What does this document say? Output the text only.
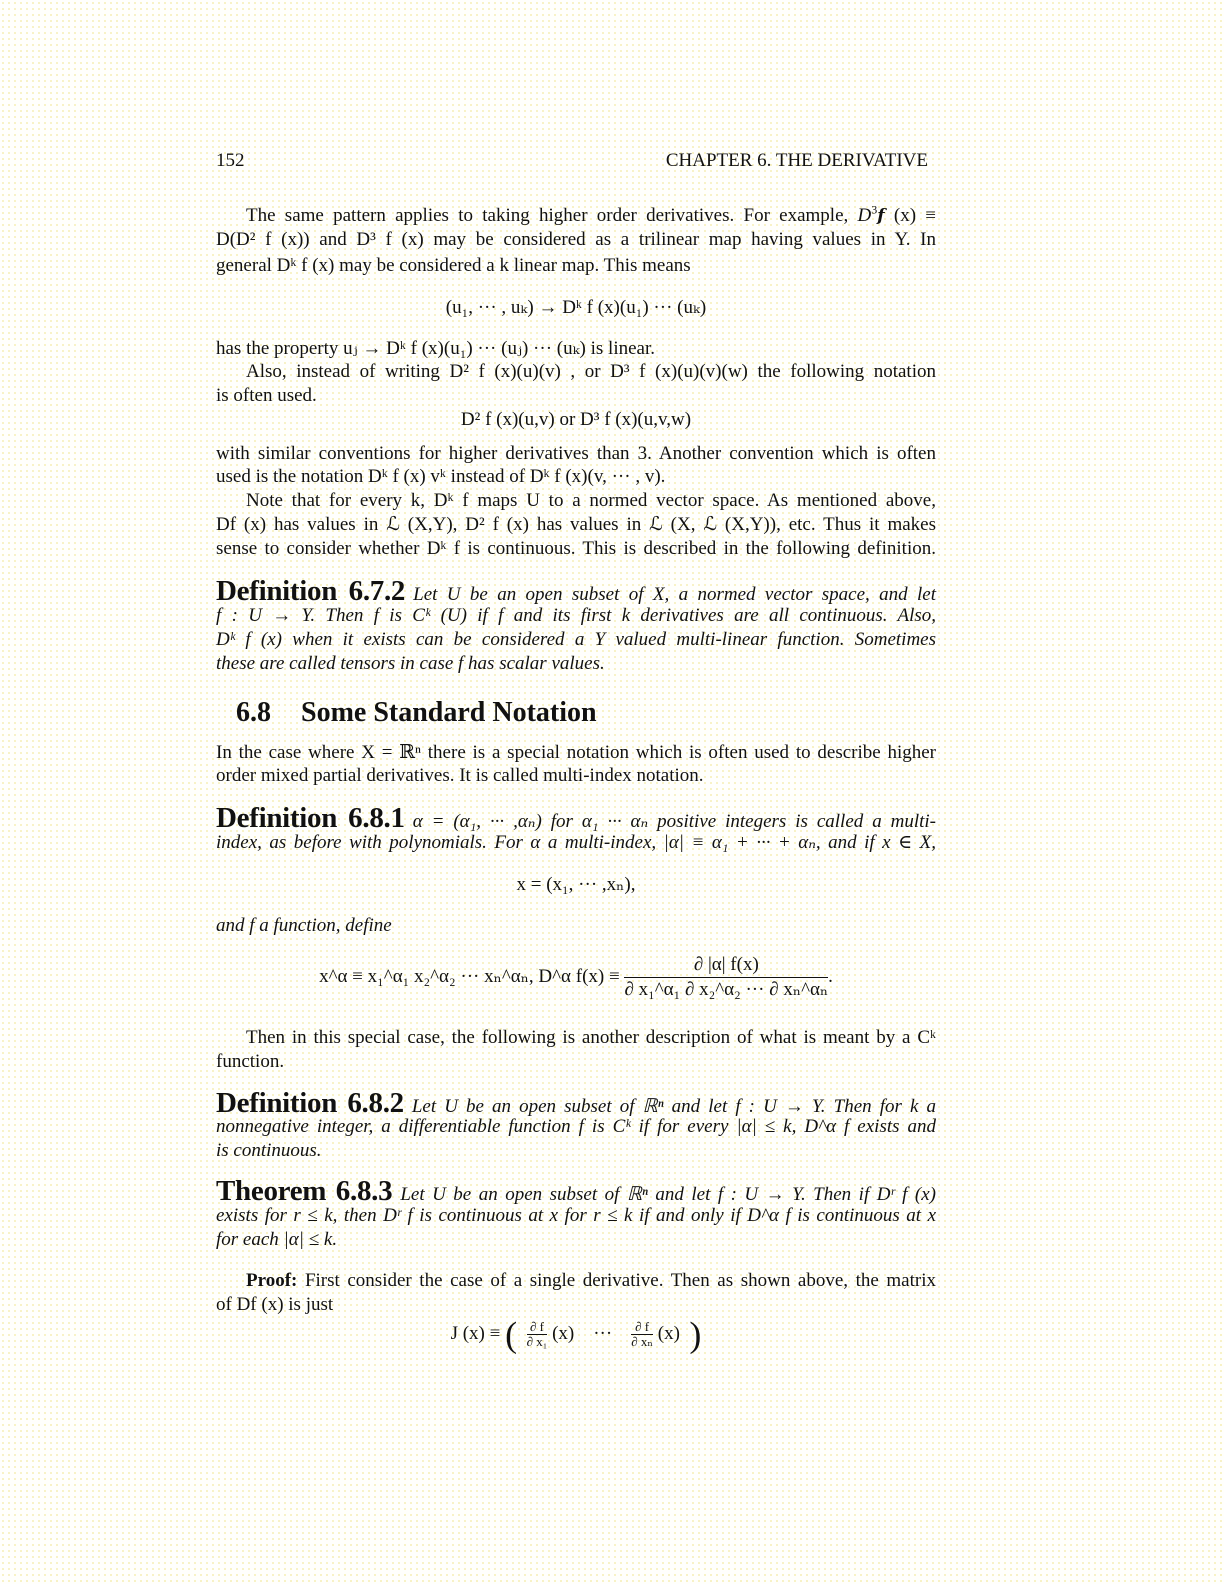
152	CHAPTER 6. THE DERIVATIVE
The same pattern applies to taking higher order derivatives. For example, $D^3f$ (x) ≡
D(D² f (x)) and D³ f (x) may be considered as a trilinear map having values in Y. In
general Dᵏ f (x) may be considered a k linear map. This means
(u₁, ··· , uₖ) → Dᵏ f (x)(u₁) ··· (uₖ)
has the property uⱼ → Dᵏ f (x)(u₁) ··· (uⱼ) ··· (uₖ) is linear.
Also, instead of writing D² f (x)(u)(v) , or D³ f (x)(u)(v)(w) the following notation
is often used.
D² f (x)(u,v) or D³ f (x)(u,v,w)
with similar conventions for higher derivatives than 3. Another convention which is often
used is the notation Dᵏ f (x) vᵏ instead of Dᵏ f (x)(v, ··· , v).
Note that for every k, Dᵏ f maps U to a normed vector space. As mentioned above,
Df (x) has values in ℒ (X,Y), D² f (x) has values in ℒ (X, ℒ (X,Y)), etc. Thus it makes
sense to consider whether Dᵏ f is continuous. This is described in the following definition.
Definition 6.7.2 Let U be an open subset of X, a normed vector space, and let
f : U → Y. Then f is Cᵏ (U) if f and its first k derivatives are all continuous. Also,
Dᵏ f (x) when it exists can be considered a Y valued multi-linear function. Sometimes
these are called tensors in case f has scalar values.
6.8 Some Standard Notation
In the case where X = ℝⁿ there is a special notation which is often used to describe higher
order mixed partial derivatives. It is called multi-index notation.
Definition 6.8.1 α = (α₁, ··· ,αₙ) for α₁ ··· αₙ positive integers is called a multi-
index, as before with polynomials. For α a multi-index, |α| ≡ α₁ + ··· + αₙ, and if x ∈ X,
x = (x₁, ··· ,xₙ),
and f a function, define
x^α ≡ x₁^α₁ x₂^α₂ ··· xₙ^αₙ, D^α $f(x) \equiv \frac{\partial |\alpha| f(x)}{\text{∂ x₁\textasciicircum{}α₁ ∂ x₂\textasciicircum{}α₂ ··· ∂ xₙ\textasciicircum{}αₙ}}$ .
Then in this special case, the following is another description of what is meant by a Cᵏ
function.
Definition 6.8.2 Let U be an open subset of ℝⁿ and let f : U → Y. Then for k a
nonnegative integer, a differentiable function f is Cᵏ if for every |α| ≤ k, D^α f exists and
is continuous.
Theorem 6.8.3 Let U be an open subset of ℝⁿ and let f : U → Y. Then if Dʳ f (x)
exists for r ≤ k, then Dʳ f is continuous at x for r ≤ k if and only if D^α f is continuous at x
for each |α| ≤ k.
Proof: First consider the case of a single derivative. Then as shown above, the matrix
of Df (x) is just
J (x) ≡ ( $\frac{\partial f}{\text{∂ x₁}} (x)$ ··· $\frac{\partial f}{\text{∂ xₙ}} (x)$ )
